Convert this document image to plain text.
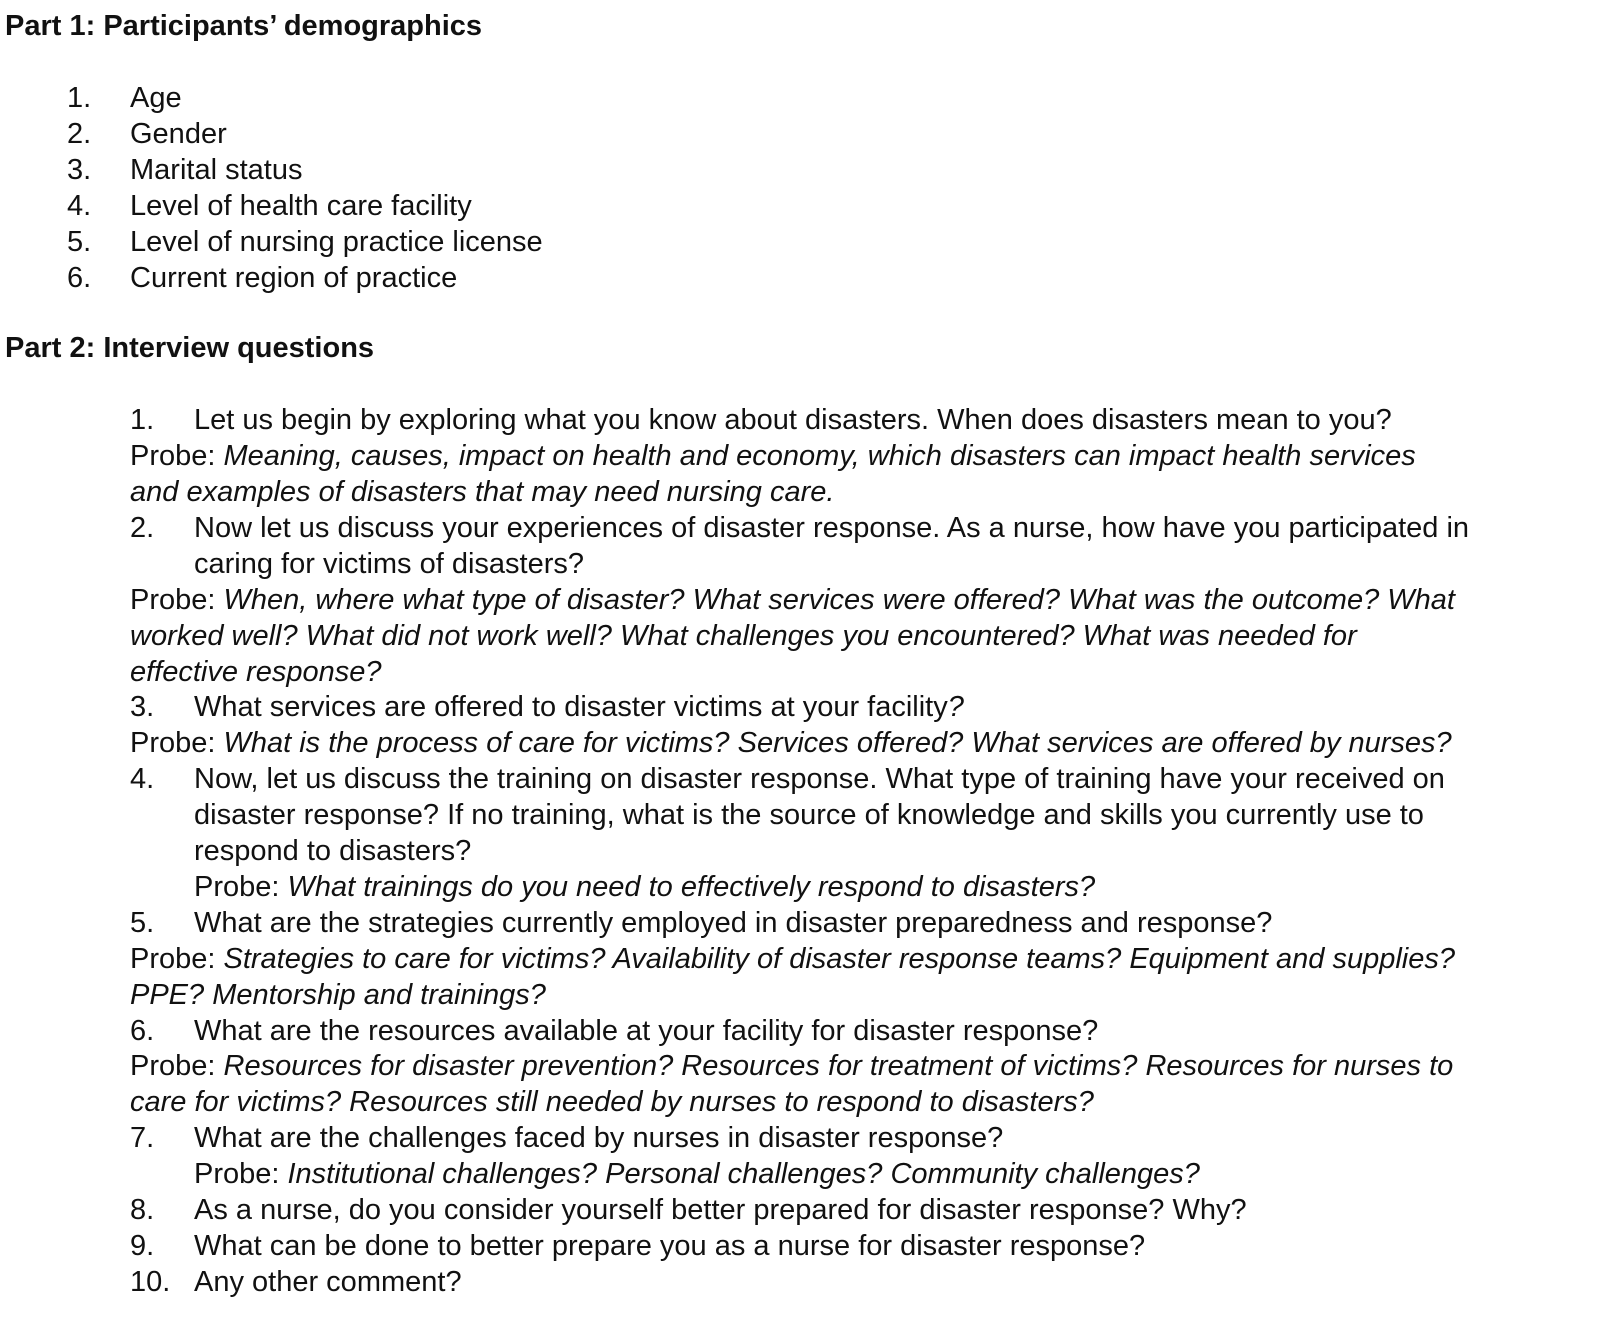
Part 1: Participants’ demographics
1. Age
2. Gender
3. Marital status
4. Level of health care facility
5. Level of nursing practice license
6. Current region of practice
Part 2: Interview questions
1. Let us begin by exploring what you know about disasters. When does disasters mean to you?
Probe: Meaning, causes, impact on health and economy, which disasters can impact health services
and examples of disasters that may need nursing care.
2. Now let us discuss your experiences of disaster response. As a nurse, how have you participated in
caring for victims of disasters?
Probe: When, where what type of disaster? What services were offered? What was the outcome? What
worked well? What did not work well? What challenges you encountered? What was needed for
effective response?
3. What services are offered to disaster victims at your facility?
Probe: What is the process of care for victims? Services offered? What services are offered by nurses?
4. Now, let us discuss the training on disaster response. What type of training have your received on
disaster response? If no training, what is the source of knowledge and skills you currently use to
respond to disasters?
Probe: What trainings do you need to effectively respond to disasters?
5. What are the strategies currently employed in disaster preparedness and response?
Probe: Strategies to care for victims? Availability of disaster response teams? Equipment and supplies?
PPE? Mentorship and trainings?
6. What are the resources available at your facility for disaster response?
Probe: Resources for disaster prevention? Resources for treatment of victims? Resources for nurses to
care for victims? Resources still needed by nurses to respond to disasters?
7. What are the challenges faced by nurses in disaster response?
Probe: Institutional challenges? Personal challenges? Community challenges?
8. As a nurse, do you consider yourself better prepared for disaster response? Why?
9. What can be done to better prepare you as a nurse for disaster response?
10. Any other comment?
